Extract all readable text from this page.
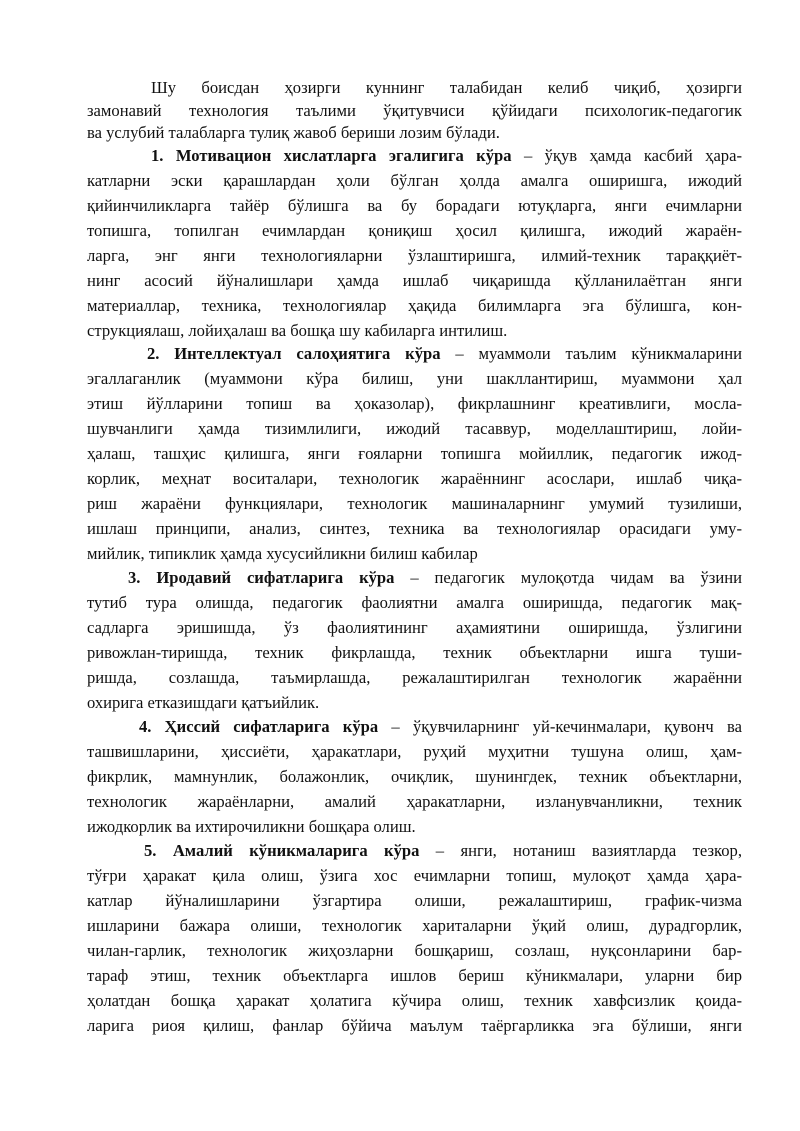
Шу боисдан ҳозирги куннинг талабидан келиб чиқиб, ҳозирги
замонавий технология таълими ўқитувчиси қўйидаги психологик-педагогик
ва услубий талабларга тулиқ жавоб бериши лозим бўлади.
1. Мотивацион хислатларга эгалигига кўра – ўқув ҳамда касбий ҳара-
катларни эски қарашлардан ҳоли бўлган ҳолда амалга оширишга, ижодий
қийинчиликларга тайёр бўлишга ва бу борадаги ютуқларга, янги ечимларни
топишга, топилган ечимлардан қониқиш ҳосил қилишга, ижодий жараён-
ларга, энг янги технологияларни ўзлаштиришга, илмий-техник тараққиёт-
нинг асосий йўналишлари ҳамда ишлаб чиқаришда қўлланилаётган янги
материаллар, техника, технологиялар ҳақида билимларга эга бўлишга, кон-
струкциялаш, лойиҳалаш ва бошқа шу кабиларга интилиш.
2. Интеллектуал салоҳиятига кўра – муаммоли таълим кўникмаларини
эгаллаганлик (муаммони кўра билиш, уни шакллантириш, муаммони ҳал
этиш йўлларини топиш ва ҳоказолар), фикрлашнинг креативлиги, мосла-
шувчанлиги ҳамда тизимлилиги, ижодий тасаввур, моделлаштириш, лойи-
ҳалаш, ташҳис қилишга, янги ғояларни топишга мойиллик, педагогик ижод-
корлик, меҳнат воситалари, технологик жараённинг асослари, ишлаб чиқа-
риш жараёни функциялари, технологик машиналарнинг умумий тузилиши,
ишлаш принципи, анализ, синтез, техника ва технологиялар орасидаги уму-
мийлик, типиклик ҳамда хусусийликни билиш кабилар
3. Иродавий сифатларига кўра – педагогик мулоқотда чидам ва ўзини
тутиб тура олишда, педагогик фаолиятни амалга оширишда, педагогик мақ-
садларга эришишда, ўз фаолиятининг аҳамиятини оширишда, ўзлигини
ривожлан-тиришда, техник фикрлашда, техник объектларни ишга туши-
ришда, созлашда, таъмирлашда, режалаштирилган технологик жараённи
охирига етказишдаги қатъийлик.
4. Ҳиссий сифатларига кўра – ўқувчиларнинг уй-кечинмалари, қувонч ва
ташвишларини, ҳиссиёти, ҳаракатлари, руҳий муҳитни тушуна олиш, ҳам-
фикрлик, мамнунлик, болажонлик, очиқлик, шунингдек, техник объектларни,
технологик жараёнларни, амалий ҳаракатларни, изланувчанликни, техник
ижодкорлик ва ихтирочиликни бошқара олиш.
5. Амалий кўникмаларига кўра – янги, нотаниш вазиятларда тезкор,
тўғри ҳаракат қила олиш, ўзига хос ечимларни топиш, мулоқот ҳамда ҳара-
катлар йўналишларини ўзгартира олиши, режалаштириш, график-чизма
ишларини бажара олиши, технологик хариталарни ўқий олиш, дурадгорлик,
чилан-гарлик, технологик жиҳозларни бошқариш, созлаш, нуқсонларини бар-
тараф этиш, техник объектларга ишлов бериш кўникмалари, уларни бир
ҳолатдан бошқа ҳаракат ҳолатига кўчира олиш, техник хавфсизлик қоида-
ларига риоя қилиш, фанлар бўйича маълум таёргарликка эга бўлиши, янги
